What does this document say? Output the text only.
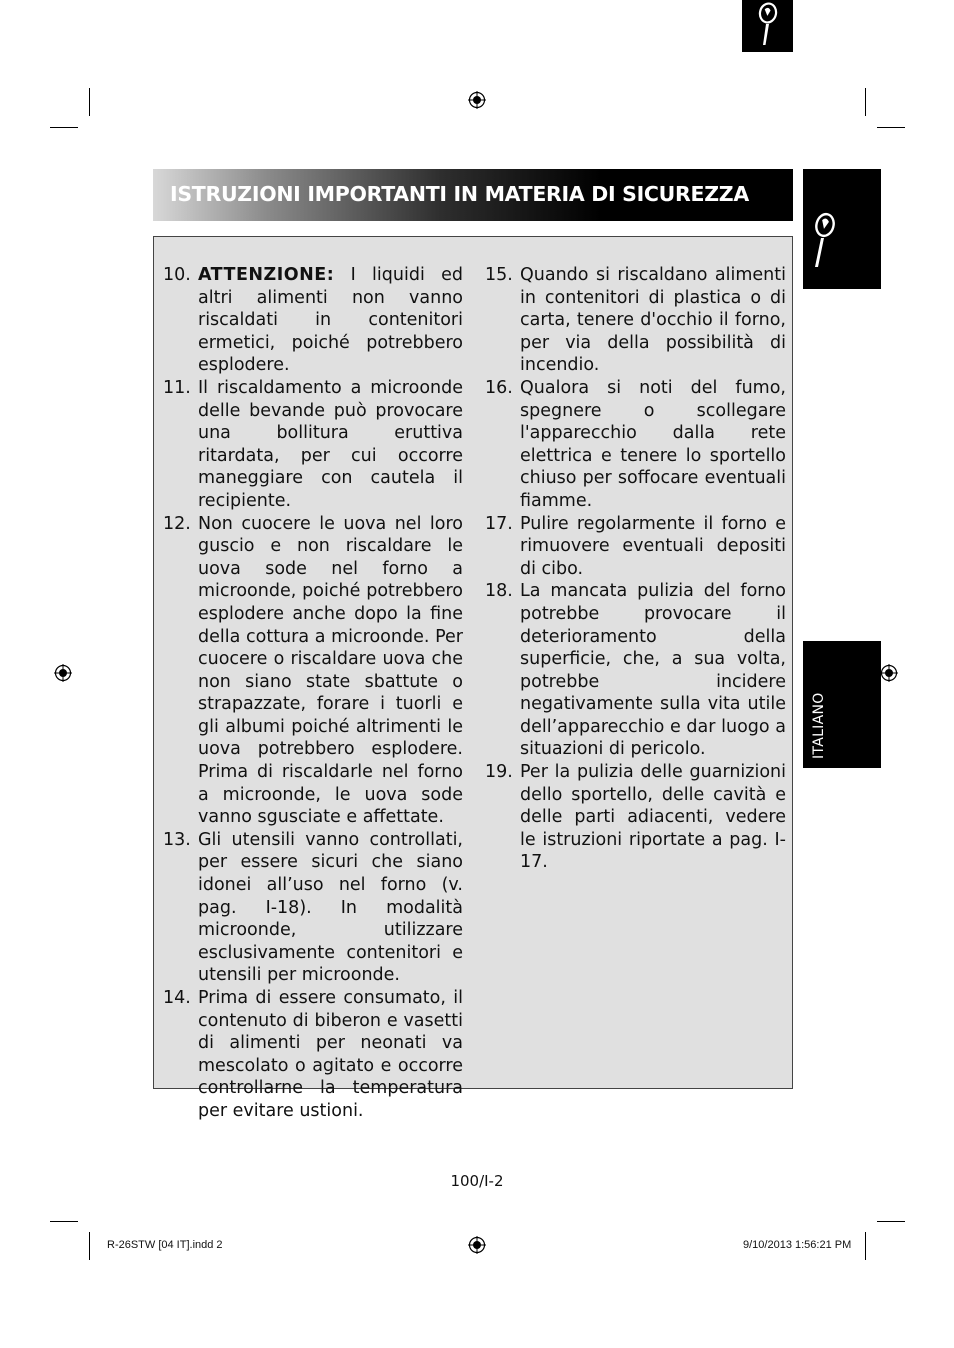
ISTRUZIONI IMPORTANTI IN MATERIA DI SICUREZZA
ITALIANO
10. ATTENZIONE: I liquidi ed altri alimenti non vanno riscaldati in contenitori ermetici, poiché potrebbero esplodere.
11. Il riscaldamento a microonde delle bevande può provocare una bollitura eruttiva ritardata, per cui occorre maneggiare con cautela il recipiente.
12. Non cuocere le uova nel loro guscio e non riscaldare le uova sode nel forno a microonde, poiché potrebbero esplodere anche dopo la fine della cottura a microonde. Per cuocere o riscaldare uova che non siano state sbattute o strapazzate, forare i tuorli e gli albumi poiché altrimenti le uova potrebbero esplodere. Prima di riscaldarle nel forno a microonde, le uova sode vanno sgusciate e affettate.
13. Gli utensili vanno controllati, per essere sicuri che siano idonei all’uso nel forno (v. pag. I-18). In modalità microonde, utilizzare esclusivamente contenitori e utensili per microonde.
14. Prima di essere consumato, il contenuto di biberon e vasetti di alimenti per neonati va mescolato o agitato e occorre controllarne la temperatura per evitare ustioni.
15. Quando si riscaldano alimenti in contenitori di plastica o di carta, tenere d'occhio il forno, per via della possibilità di incendio.
16. Qualora si noti del fumo, spegnere o scollegare l'apparecchio dalla rete elettrica e tenere lo sportello chiuso per soffocare eventuali fiamme.
17. Pulire regolarmente il forno e rimuovere eventuali depositi di cibo.
18. La mancata pulizia del forno potrebbe provocare il deterioramento della superficie, che, a sua volta, potrebbe incidere negativamente sulla vita utile dell’apparecchio e dar luogo a situazioni di pericolo.
19. Per la pulizia delle guarnizioni dello sportello, delle cavità e delle parti adiacenti, vedere le istruzioni riportate a pag. I-17.
100/I-2
R-26STW [04 IT].indd 2	9/10/2013 1:56:21 PM
